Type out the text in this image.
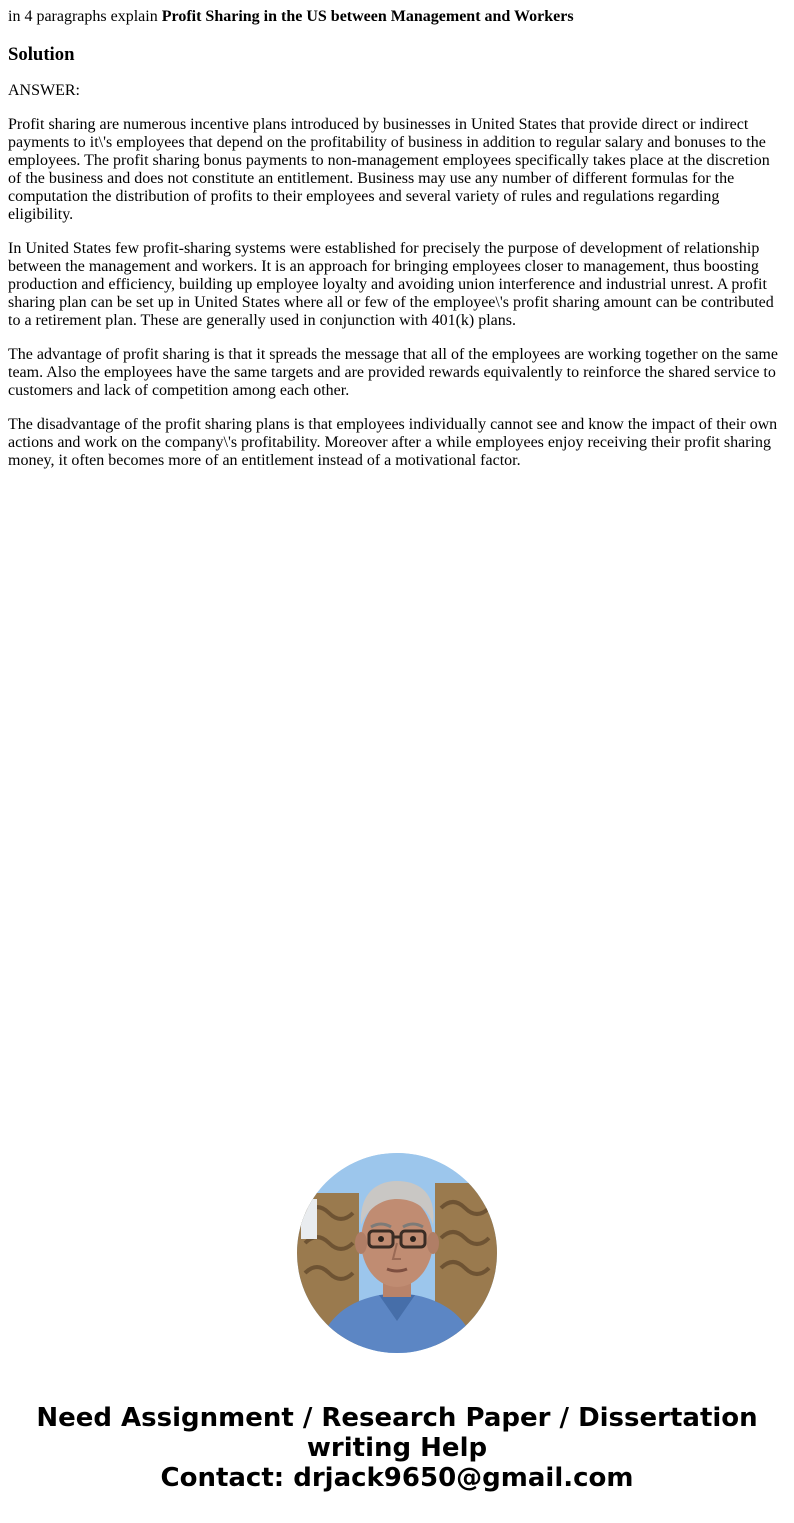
in 4 paragraphs explain Profit Sharing in the US between Management and Workers
Solution

ANSWER:

Profit sharing are numerous incentive plans introduced by businesses in United States that provide direct or indirect payments to it\'s employees that depend on the profitability of business in addition to regular salary and bonuses to the employees. The profit sharing bonus payments to non-management employees specifically takes place at the discretion of the business and does not constitute an entitlement. Business may use any number of different formulas for the computation the distribution of profits to their employees and several variety of rules and regulations regarding eligibility.

In United States few profit-sharing systems were established for precisely the purpose of development of relationship between the management and workers. It is an approach for bringing employees closer to management, thus boosting production and efficiency, building up employee loyalty and avoiding union interference and industrial unrest. A profit sharing plan can be set up in United States where all or few of the employee\'s profit sharing amount can be contributed to a retirement plan. These are generally used in conjunction with 401(k) plans.

The advantage of profit sharing is that it spreads the message that all of the employees are working together on the same team. Also the employees have the same targets and are provided rewards equivalently to reinforce the shared service to customers and lack of competition among each other.

The disadvantage of the profit sharing plans is that employees individually cannot see and know the impact of their own actions and work on the company\'s profitability. Moreover after a while employees enjoy receiving their profit sharing money, it often becomes more of an entitlement instead of a motivational factor.

Need Assignment / Research Paper / Dissertation
writing Help
Contact: drjack9650@gmail.com
